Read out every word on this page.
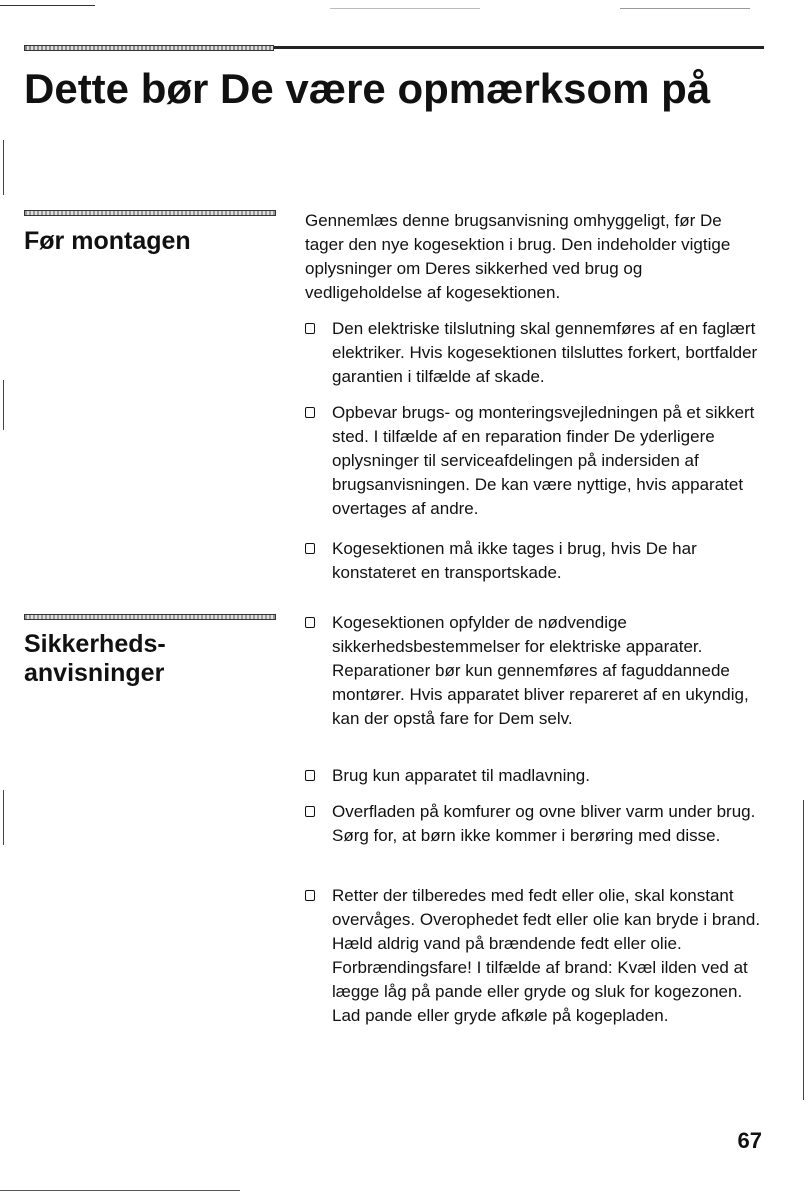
Dette bør De være opmærksom på
Før montagen

Gennemlæs denne brugsanvisning omhyggeligt, før De tager den nye kogesektion i brug. Den indeholder vigtige oplysninger om Deres sikkerhed ved brug og vedligeholdelse af kogesektionen.

Den elektriske tilslutning skal gennemføres af en faglært elektriker. Hvis kogesektionen tilsluttes forkert, bortfalder garantien i tilfælde af skade.

Opbevar brugs- og monteringsvejledningen på et sikkert sted. I tilfælde af en reparation finder De yderligere oplysninger til serviceafdelingen på indersiden af brugsanvisningen. De kan være nyttige, hvis apparatet overtages af andre.

Kogesektionen må ikke tages i brug, hvis De har konstateret en transportskade.

Sikkerheds-anvisninger

Kogesektionen opfylder de nødvendige sikkerhedsbestemmelser for elektriske apparater. Reparationer bør kun gennemføres af faguddannede montører. Hvis apparatet bliver repareret af en ukyndig, kan der opstå fare for Dem selv.

Brug kun apparatet til madlavning.

Overfladen på komfurer og ovne bliver varm under brug. Sørg for, at børn ikke kommer i berøring med disse.

Retter der tilberedes med fedt eller olie, skal konstant overvåges. Overophedet fedt eller olie kan bryde i brand. Hæld aldrig vand på brændende fedt eller olie. Forbrændingsfare! I tilfælde af brand: Kvæl ilden ved at lægge låg på pande eller gryde og sluk for kogezonen. Lad pande eller gryde afkøle på kogepladen.

67
